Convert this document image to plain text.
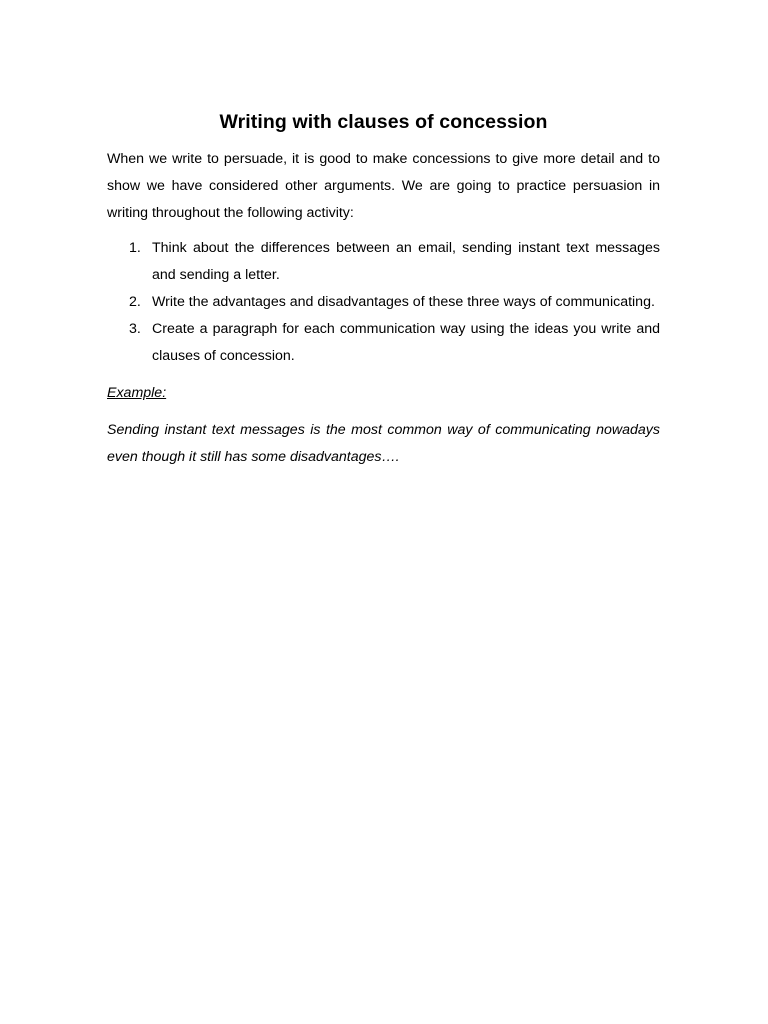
Writing with clauses of concession

When we write to persuade, it is good to make concessions to give more detail and to show we have considered other arguments. We are going to practice persuasion in writing throughout the following activity:

1. Think about the differences between an email, sending instant text messages and sending a letter.
2. Write the advantages and disadvantages of these three ways of communicating.
3. Create a paragraph for each communication way using the ideas you write and clauses of concession.

Example:

Sending instant text messages is the most common way of communicating nowadays even though it still has some disadvantages….
